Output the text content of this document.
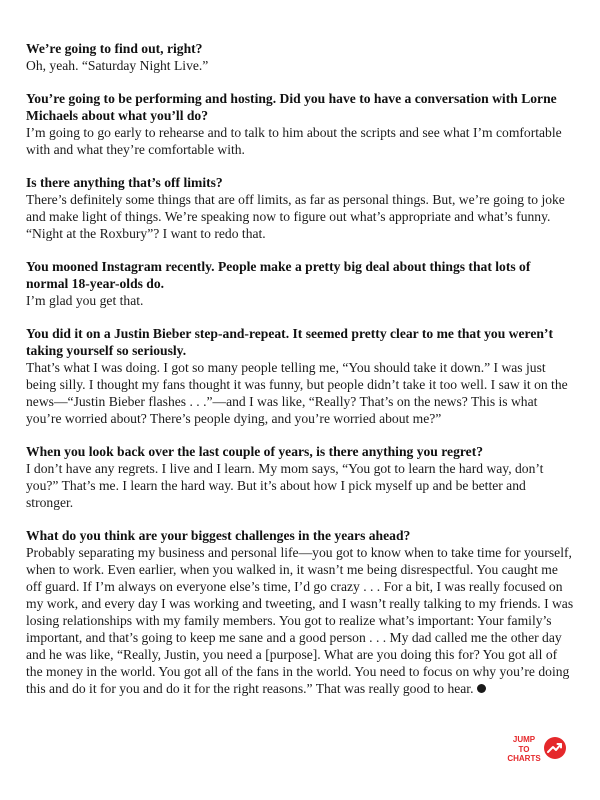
We’re going to find out, right?

Oh, yeah. “Saturday Night Live.”

You’re going to be performing and hosting. Did you have to have a conversation with Lorne Michaels about what you’ll do?

I’m going to go early to rehearse and to talk to him about the scripts and see what I’m comfortable with and what they’re comfortable with.

Is there anything that’s off limits?

There’s definitely some things that are off limits, as far as personal things. But, we’re going to joke and make light of things. We’re speaking now to figure out what’s appropriate and what’s funny. “Night at the Roxbury”? I want to redo that.

You mooned Instagram recently. People make a pretty big deal about things that lots of normal 18-year-olds do.

I’m glad you get that.

You did it on a Justin Bieber step-and-repeat. It seemed pretty clear to me that you weren’t taking yourself so seriously.

That’s what I was doing. I got so many people telling me, “You should take it down.” I was just being silly. I thought my fans thought it was funny, but people didn’t take it too well. I saw it on the news—“Justin Bieber flashes . . .”—and I was like, “Really? That’s on the news? This is what you’re worried about? There’s people dying, and you’re worried about me?”

When you look back over the last couple of years, is there anything you regret?

I don’t have any regrets. I live and I learn. My mom says, “You got to learn the hard way, don’t you?” That’s me. I learn the hard way. But it’s about how I pick myself up and be better and stronger.

What do you think are your biggest challenges in the years ahead?

Probably separating my business and personal life—you got to know when to take time for yourself, when to work. Even earlier, when you walked in, it wasn’t me being disrespectful. You caught me off guard. If I’m always on everyone else’s time, I’d go crazy . . . For a bit, I was really focused on my work, and every day I was working and tweeting, and I wasn’t really talking to my friends. I was losing relationships with my family members. You got to realize what’s important: Your family’s important, and that’s going to keep me sane and a good person . . . My dad called me the other day and he was like, “Really, Justin, you need a [purpose]. What are you doing this for? You got all of the money in the world. You got all of the fans in the world. You need to focus on why you’re doing this and do it for you and do it for the right reasons.” That was really good to hear.

JUMP
TO
CHARTS
